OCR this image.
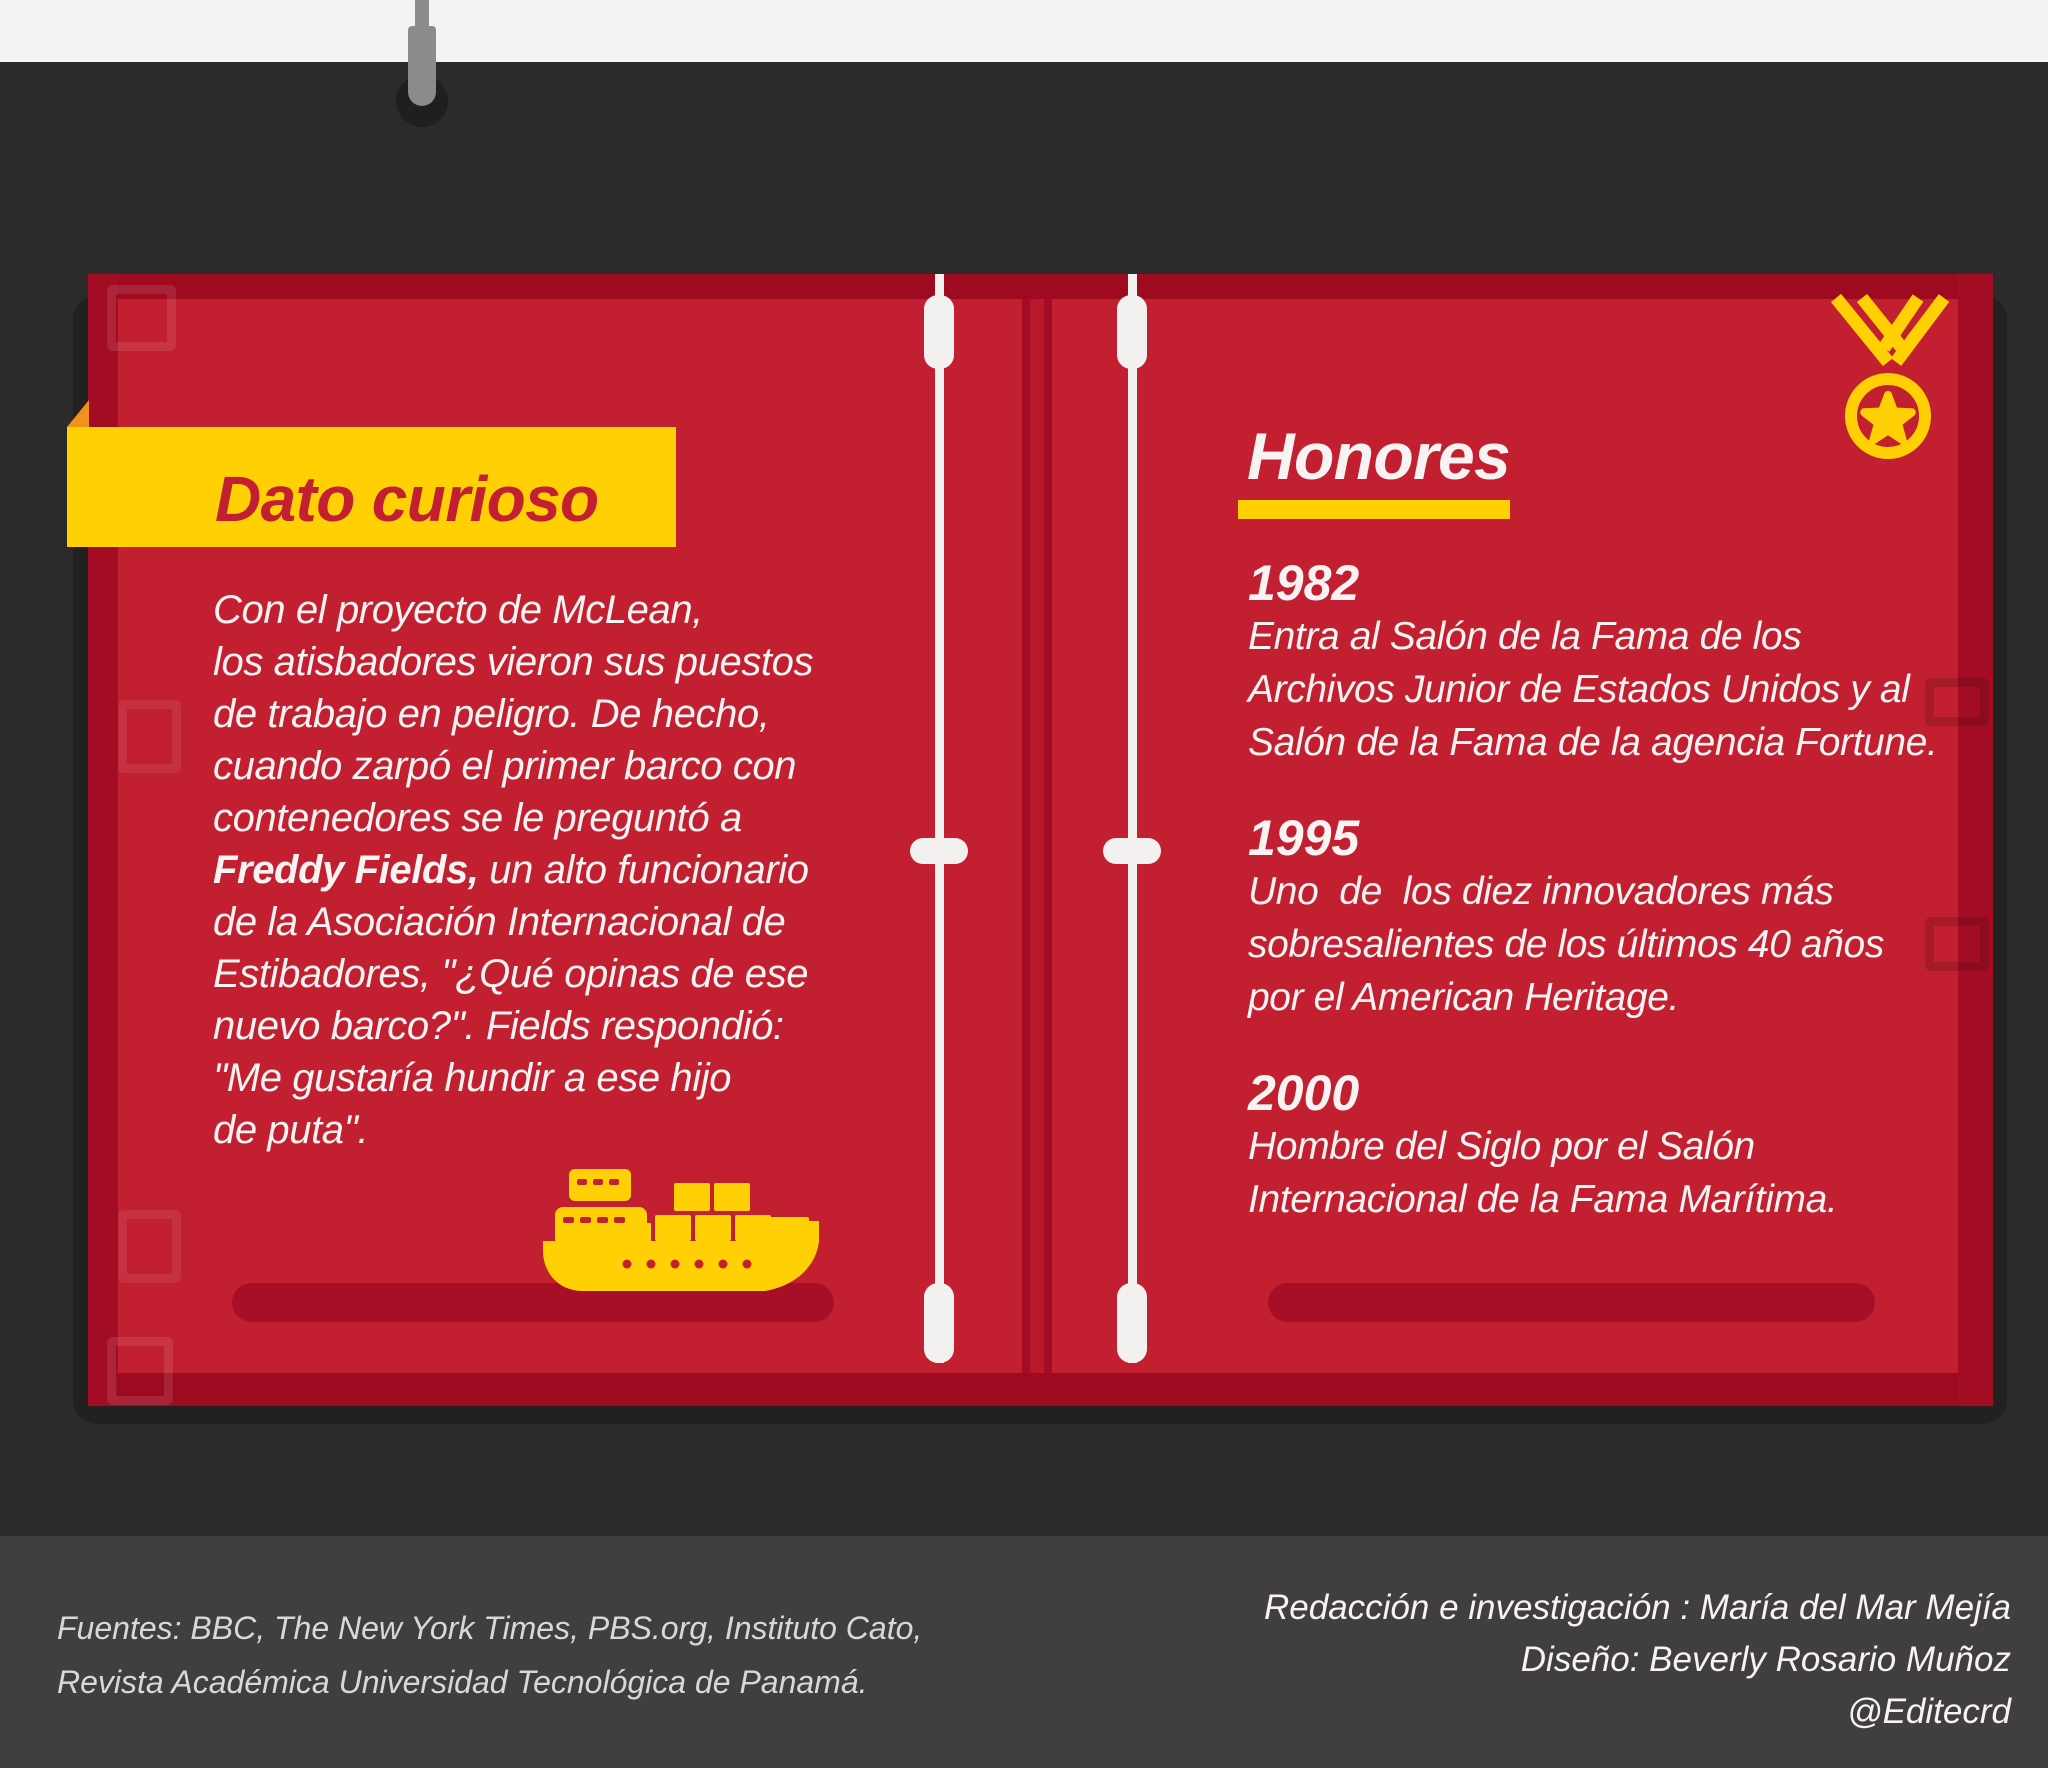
Dato curioso
Con el proyecto de McLean,
los atisbadores vieron sus puestos
de trabajo en peligro. De hecho,
cuando zarpó el primer barco con
contenedores se le preguntó a
Freddy Fields, un alto funcionario
de la Asociación Internacional de
Estibadores, "¿Qué opinas de ese
nuevo barco?". Fields respondió:
"Me gustaría hundir a ese hijo
de puta".
Honores
1982
Entra al Salón de la Fama de los
Archivos Junior de Estados Unidos y al
Salón de la Fama de la agencia Fortune.
1995
Uno  de  los diez innovadores más
sobresalientes de los últimos 40 años
por el American Heritage.
2000
Hombre del Siglo por el Salón
Internacional de la Fama Marítima.
Fuentes: BBC, The New York Times, PBS.org, Instituto Cato,
Revista Académica Universidad Tecnológica de Panamá.
Redacción e investigación : María del Mar Mejía
Diseño: Beverly Rosario Muñoz
@Editecrd
